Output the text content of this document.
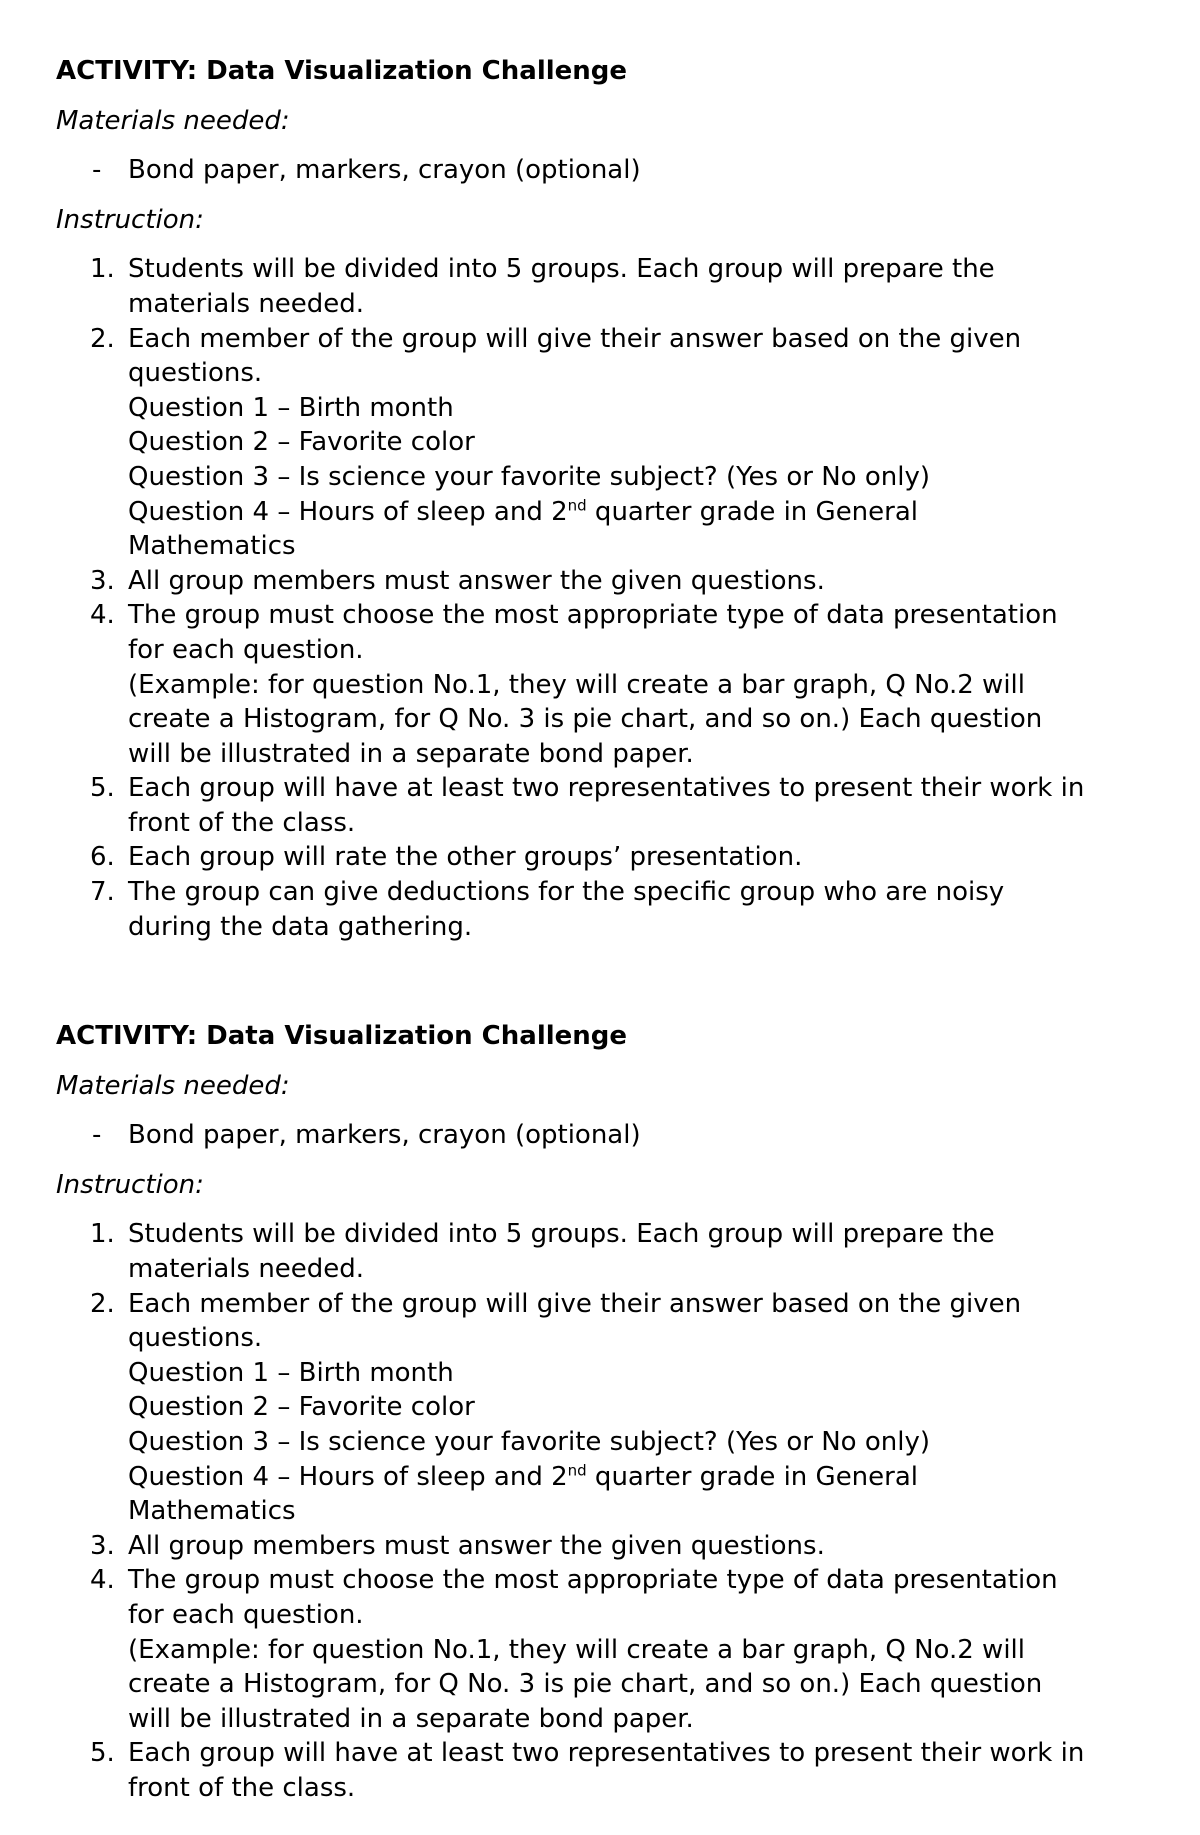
ACTIVITY: Data Visualization Challenge
Materials needed:
- Bond paper, markers, crayon (optional)
Instruction:
1. Students will be divided into 5 groups. Each group will prepare the
materials needed.
2. Each member of the group will give their answer based on the given
questions.
Question 1 – Birth month
Question 2 – Favorite color
Question 3 – Is science your favorite subject? (Yes or No only)
Question 4 – Hours of sleep and 2nd quarter grade in General
Mathematics
3. All group members must answer the given questions.
4. The group must choose the most appropriate type of data presentation
for each question.
(Example: for question No.1, they will create a bar graph, Q No.2 will
create a Histogram, for Q No. 3 is pie chart, and so on.) Each question
will be illustrated in a separate bond paper.
5. Each group will have at least two representatives to present their work in
front of the class.
6. Each group will rate the other groups’ presentation.
7. The group can give deductions for the specific group who are noisy
during the data gathering.
ACTIVITY: Data Visualization Challenge
Materials needed:
- Bond paper, markers, crayon (optional)
Instruction:
1. Students will be divided into 5 groups. Each group will prepare the
materials needed.
2. Each member of the group will give their answer based on the given
questions.
Question 1 – Birth month
Question 2 – Favorite color
Question 3 – Is science your favorite subject? (Yes or No only)
Question 4 – Hours of sleep and 2nd quarter grade in General
Mathematics
3. All group members must answer the given questions.
4. The group must choose the most appropriate type of data presentation
for each question.
(Example: for question No.1, they will create a bar graph, Q No.2 will
create a Histogram, for Q No. 3 is pie chart, and so on.) Each question
will be illustrated in a separate bond paper.
5. Each group will have at least two representatives to present their work in
front of the class.
